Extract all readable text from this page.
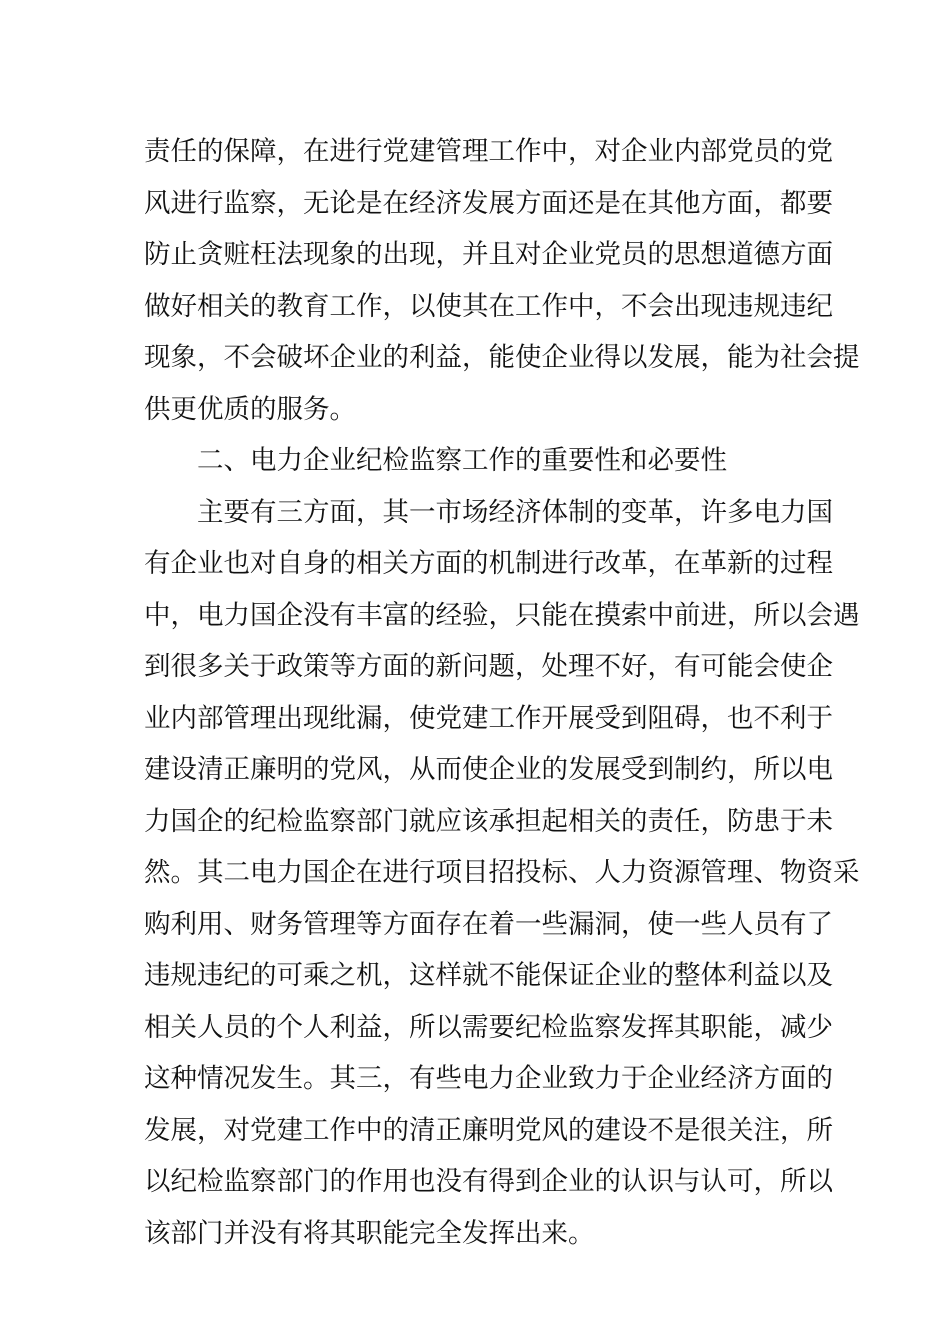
责任的保障，在进行党建管理工作中，对企业内部党员的党
风进行监察，无论是在经济发展方面还是在其他方面，都要
防止贪赃枉法现象的出现，并且对企业党员的思想道德方面
做好相关的教育工作，以使其在工作中，不会出现违规违纪
现象，不会破坏企业的利益，能使企业得以发展，能为社会提
供更优质的服务。
二、电力企业纪检监察工作的重要性和必要性
主要有三方面，其一市场经济体制的变革，许多电力国
有企业也对自身的相关方面的机制进行改革，在革新的过程
中，电力国企没有丰富的经验，只能在摸索中前进，所以会遇
到很多关于政策等方面的新问题，处理不好，有可能会使企
业内部管理出现纰漏，使党建工作开展受到阻碍，也不利于
建设清正廉明的党风，从而使企业的发展受到制约，所以电
力国企的纪检监察部门就应该承担起相关的责任，防患于未
然。其二电力国企在进行项目招投标、人力资源管理、物资采
购利用、财务管理等方面存在着一些漏洞，使一些人员有了
违规违纪的可乘之机，这样就不能保证企业的整体利益以及
相关人员的个人利益，所以需要纪检监察发挥其职能，减少
这种情况发生。其三，有些电力企业致力于企业经济方面的
发展，对党建工作中的清正廉明党风的建设不是很关注，所
以纪检监察部门的作用也没有得到企业的认识与认可，所以
该部门并没有将其职能完全发挥出来。
